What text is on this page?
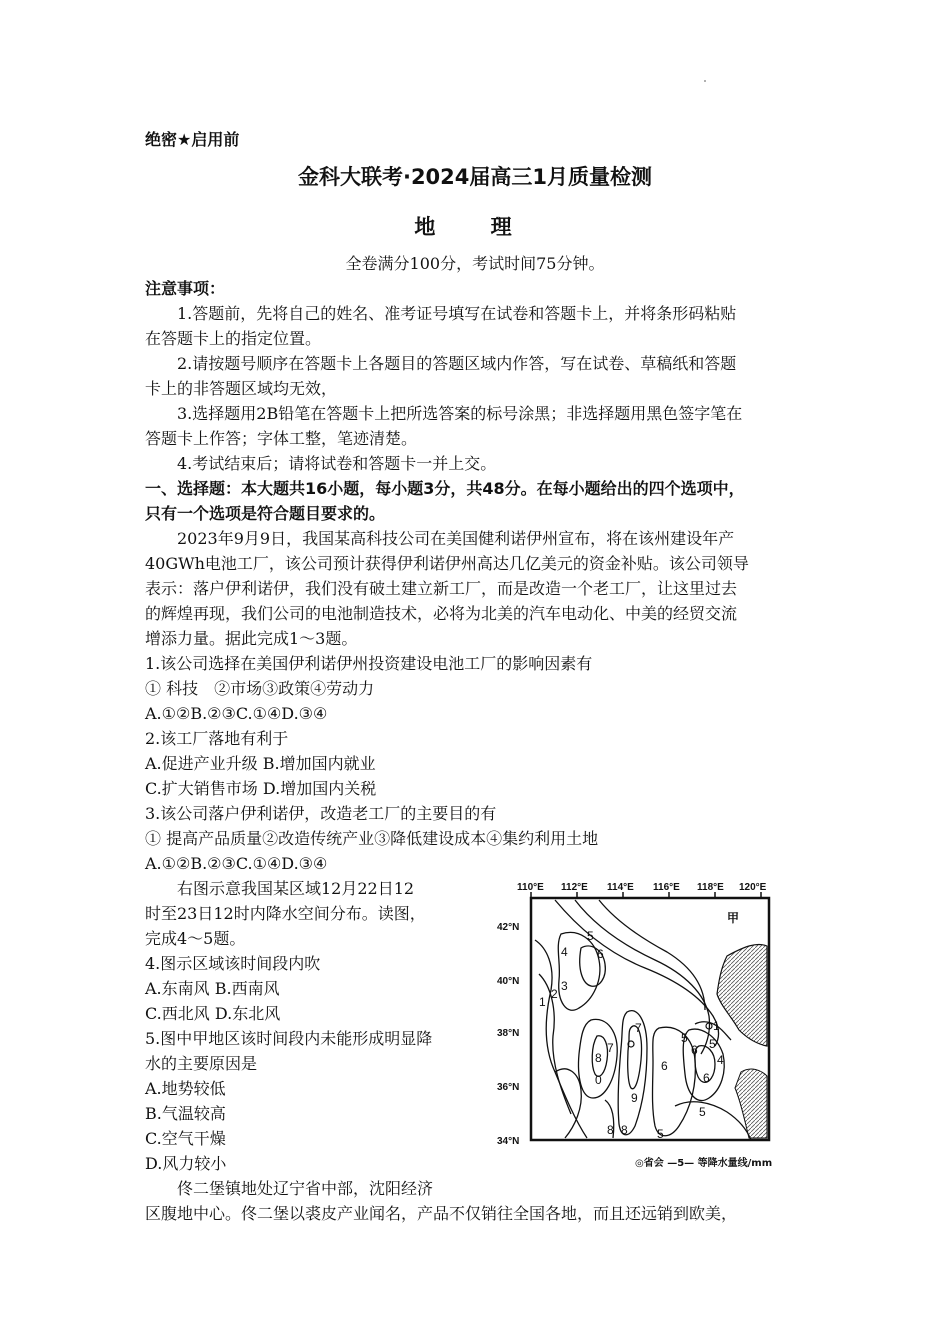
绝密★启用前
金科大联考·2024届高三1月质量检测
地 理
全卷满分100分，考试时间75分钟。
注意事项：
1.答题前，先将自己的姓名、准考证号填写在试卷和答题卡上，并将条形码粘贴
在答题卡上的指定位置。
2.请按题号顺序在答题卡上各题目的答题区域内作答，写在试卷、草稿纸和答题
卡上的非答题区域均无效，
3.选择题用2B铅笔在答题卡上把所选答案的标号涂黑；非选择题用黑色签字笔在
答题卡上作答；字体工整，笔迹清楚。
4.考试结束后；请将试卷和答题卡一并上交。
一、选择题：本大题共16小题，每小题3分，共48分。在每小题给出的四个选项中，
只有一个选项是符合题目要求的。
2023年9月9日，我国某高科技公司在美国健利诺伊州宣布，将在该州建设年产
40GWh电池工厂，该公司预计获得伊利诺伊州高达几亿美元的资金补贴。该公司领导
表示：落户伊利诺伊，我们没有破土建立新工厂，而是改造一个老工厂，让这里过去
的辉煌再现，我们公司的电池制造技术，必将为北美的汽车电动化、中美的经贸交流
增添力量。据此完成1～3题。
1.该公司选择在美国伊利诺伊州投资建设电池工厂的影响因素有
① 科技　②市场③政策④劳动力
A.①②B.②③C.①④D.③④
2.该工厂落地有利于
A.促进产业升级 B.增加国内就业
C.扩大销售市场 D.增加国内关税
3.该公司落户伊利诺伊，改造老工厂的主要目的有
① 提高产品质量②改造传统产业③降低建设成本④集约利用土地
A.①②B.②③C.①④D.③④
右图示意我国某区域12月22日12
时至23日12时内降水空间分布。读图，
完成4～5题。
4.图示区域该时间段内吹
A.东南风 B.西南风
C.西北风 D.东北风
5.图中甲地区该时间段内未能形成明显降
水的主要原因是
A.地势较低
B.气温较高
C.空气干燥
D.风力较小
佟二堡镇地处辽宁省中部，沈阳经济
区腹地中心。佟二堡以裘皮产业闻名，产品不仅销往全国各地，而且还远销到欧美，
110°E 112°E 114°E 116°E 118°E 120°E
42°N
40°N
38°N
36°N
34°N
1
2
3
4
5
6
7
8
9
0
5
6
7
8 8 5
6 5
4
1
5
6
甲
◎省会 —5— 等降水量线/mm
